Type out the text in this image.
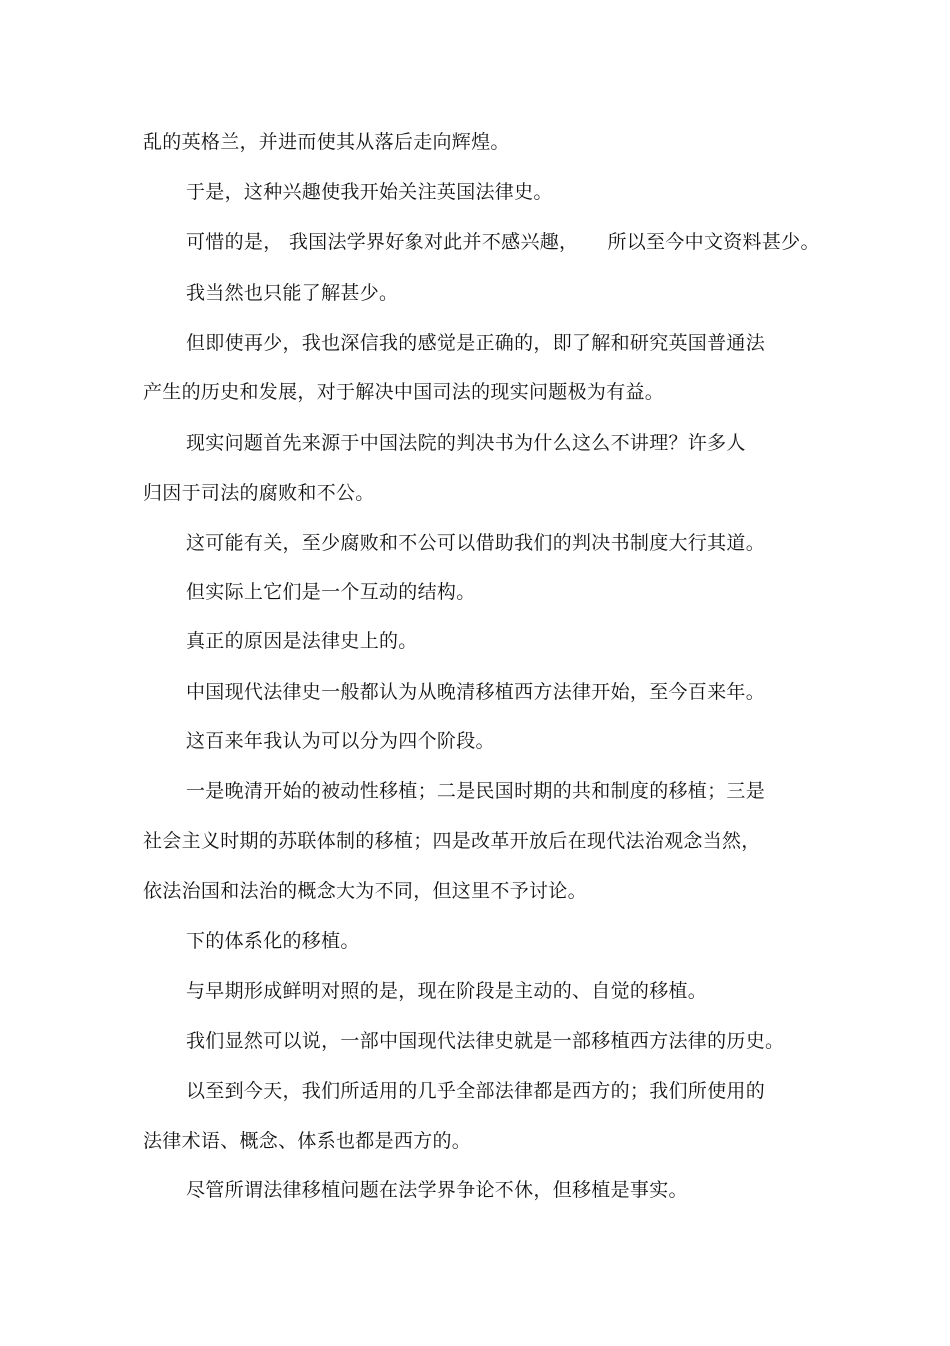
乱的英格兰，并进而使其从落后走向辉煌。
于是，这种兴趣使我开始关注英国法律史。
可惜的是， 我国法学界好象对此并不感兴趣，　　所以至今中文资料甚少。
我当然也只能了解甚少。
但即使再少，我也深信我的感觉是正确的，即了解和研究英国普通法
产生的历史和发展，对于解决中国司法的现实问题极为有益。
现实问题首先来源于中国法院的判决书为什么这么不讲理？许多人
归因于司法的腐败和不公。
这可能有关，至少腐败和不公可以借助我们的判决书制度大行其道。
但实际上它们是一个互动的结构。
真正的原因是法律史上的。
中国现代法律史一般都认为从晚清移植西方法律开始，至今百来年。
这百来年我认为可以分为四个阶段。
一是晚清开始的被动性移植；二是民国时期的共和制度的移植；三是
社会主义时期的苏联体制的移植；四是改革开放后在现代法治观念当然，
依法治国和法治的概念大为不同，但这里不予讨论。
下的体系化的移植。
与早期形成鲜明对照的是，现在阶段是主动的、自觉的移植。
我们显然可以说，一部中国现代法律史就是一部移植西方法律的历史。
以至到今天，我们所适用的几乎全部法律都是西方的；我们所使用的
法律术语、概念、体系也都是西方的。
尽管所谓法律移植问题在法学界争论不休，但移植是事实。
